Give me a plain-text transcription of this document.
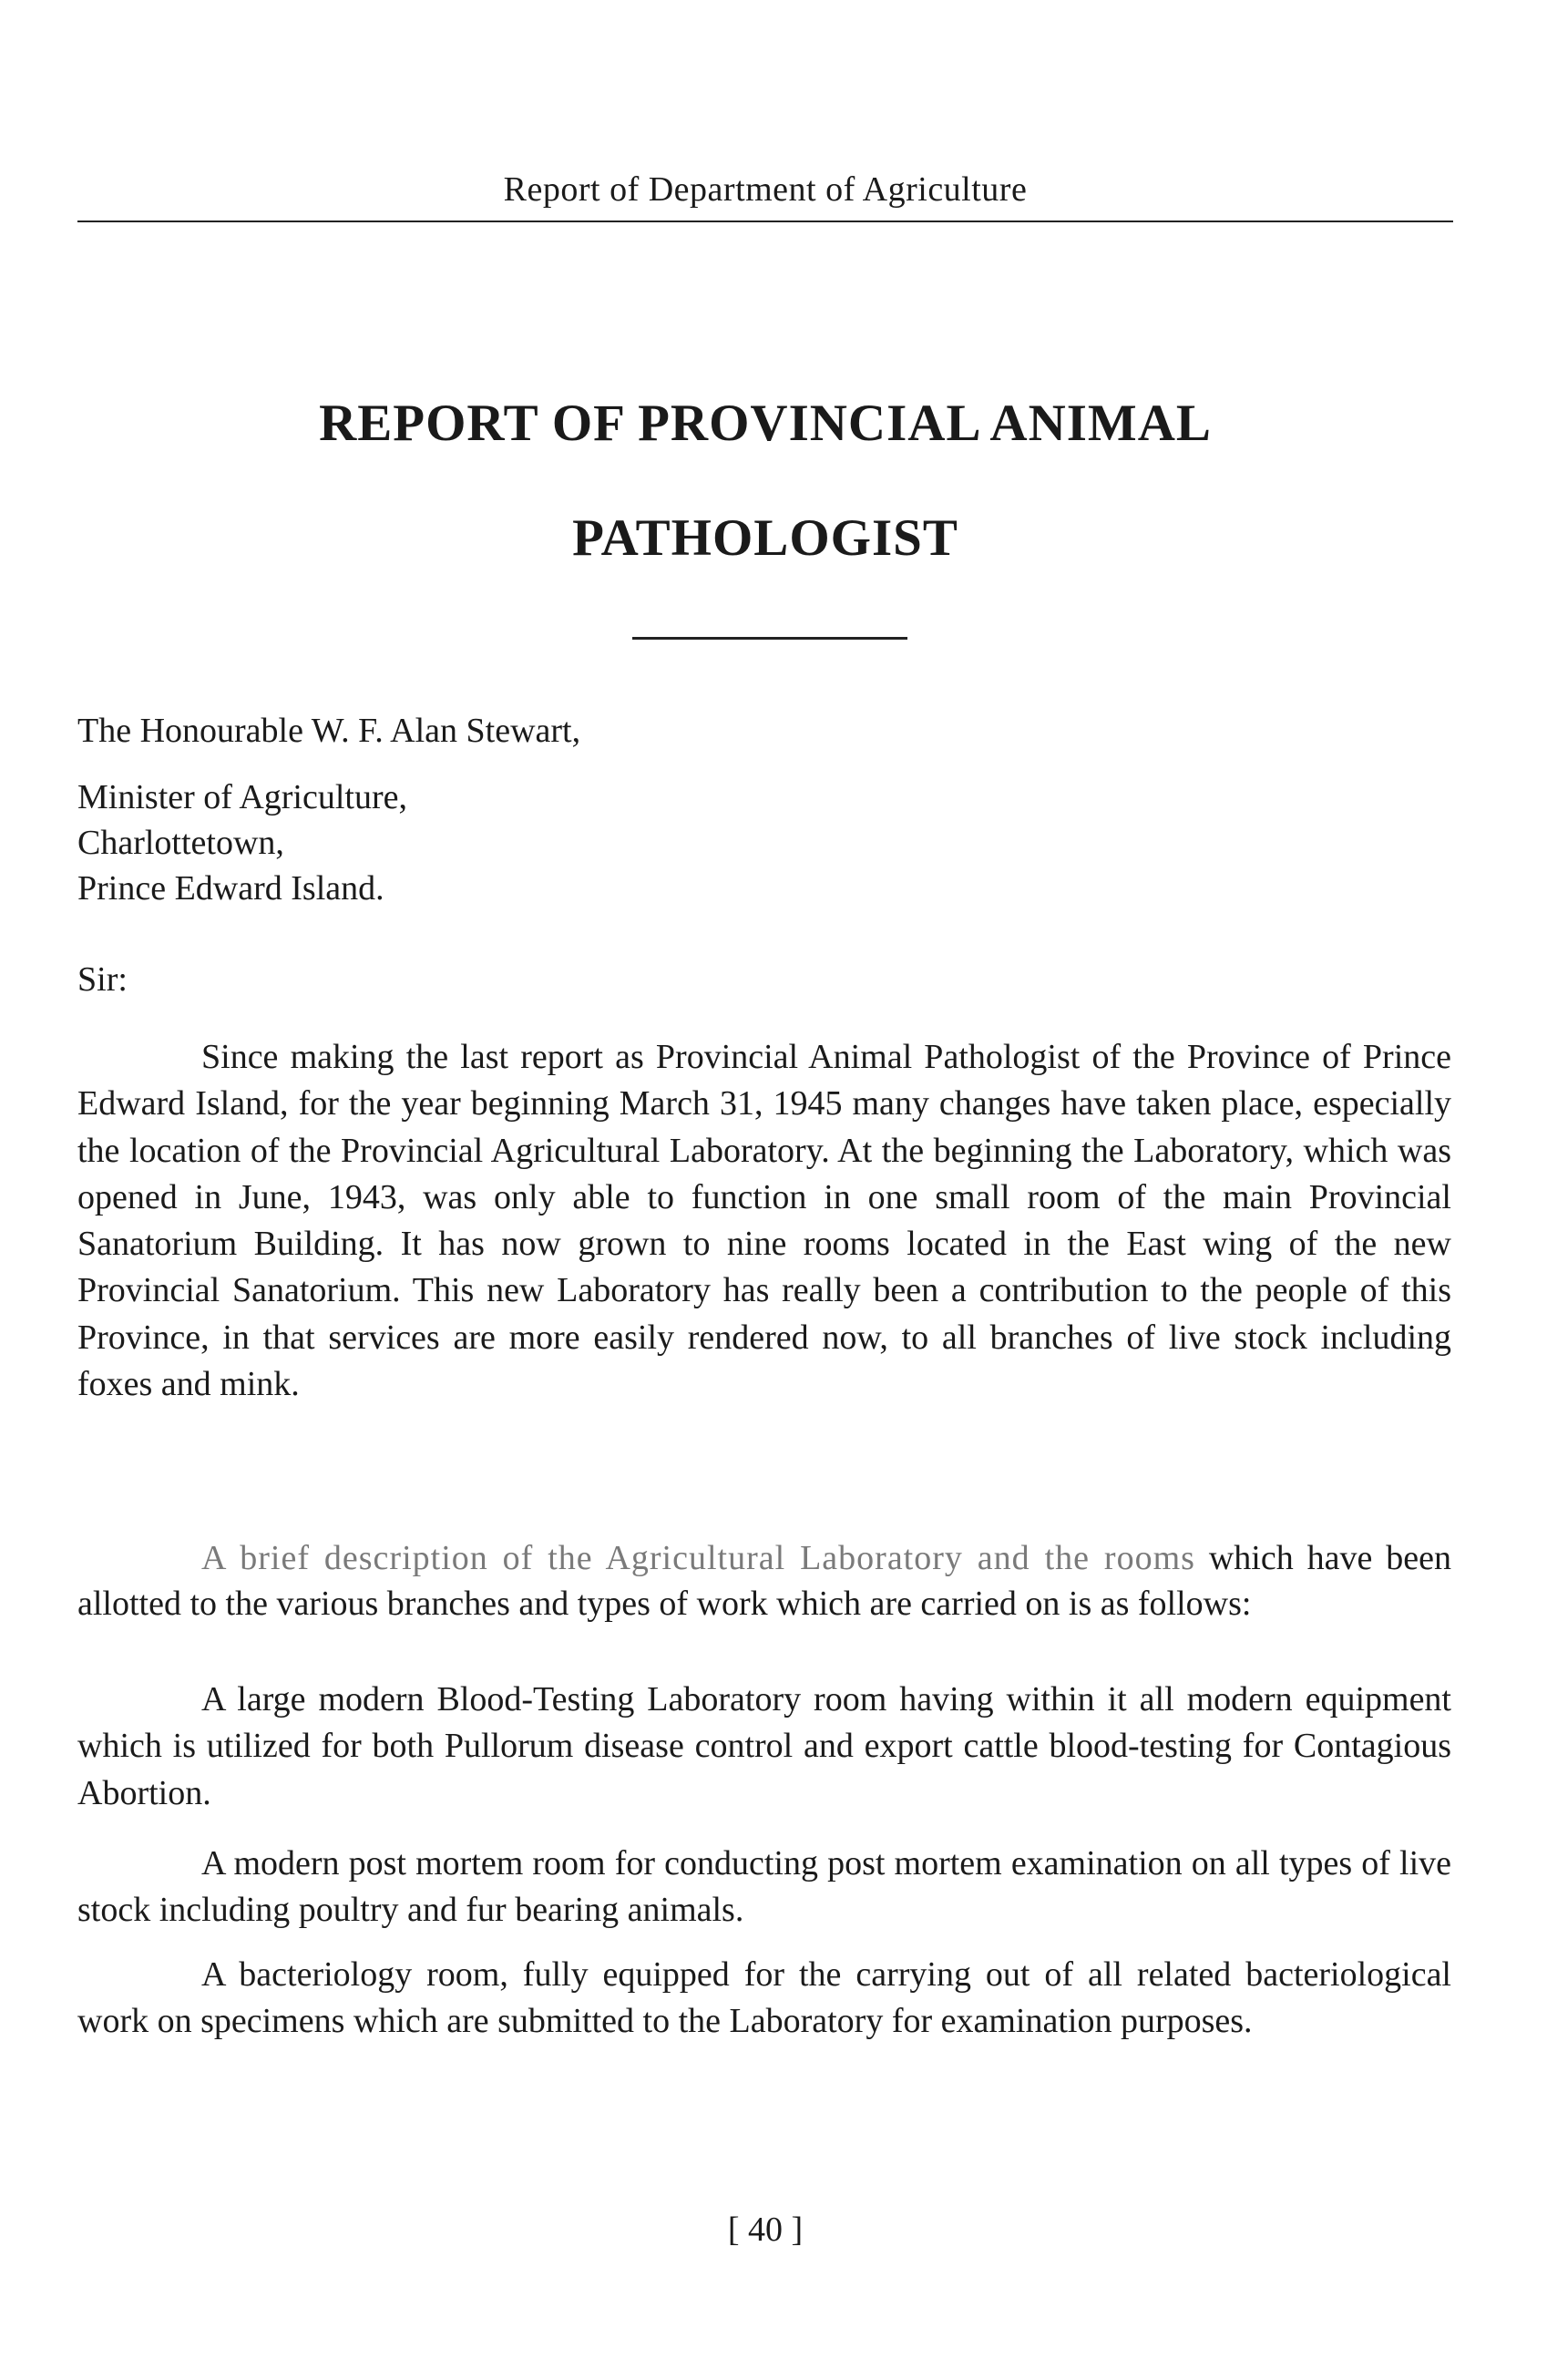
Report of Department of Agriculture
REPORT OF PROVINCIAL ANIMAL
PATHOLOGIST
The Honourable W. F. Alan Stewart,
Minister of Agriculture,
Charlottetown,
Prince Edward Island.
Sir:

Since making the last report as Provincial Animal Pathologist of the Province of Prince Edward Island, for the year beginning March 31, 1945 many changes have taken place, especially the location of the Provincial Agricultural Laboratory. At the beginning the Laboratory, which was opened in June, 1943, was only able to function in one small room of the main Provincial Sanatorium Building. It has now grown to nine rooms located in the East wing of the new Provincial Sanatorium. This new Laboratory has really been a contribution to the people of this Province, in that services are more easily rendered now, to all branches of live stock including foxes and mink.

A brief description of the Agricultural Laboratory and the rooms which have been allotted to the various branches and types of work which are carried on is as follows:

A large modern Blood-Testing Laboratory room having within it all modern equipment which is utilized for both Pullorum disease control and export cattle blood-testing for Contagious Abortion.

A modern post mortem room for conducting post mortem examination on all types of live stock including poultry and fur bearing animals.

A bacteriology room, fully equipped for the carrying out of all related bacteriological work on specimens which are submitted to the Laboratory for examination purposes.

[ 40 ]
